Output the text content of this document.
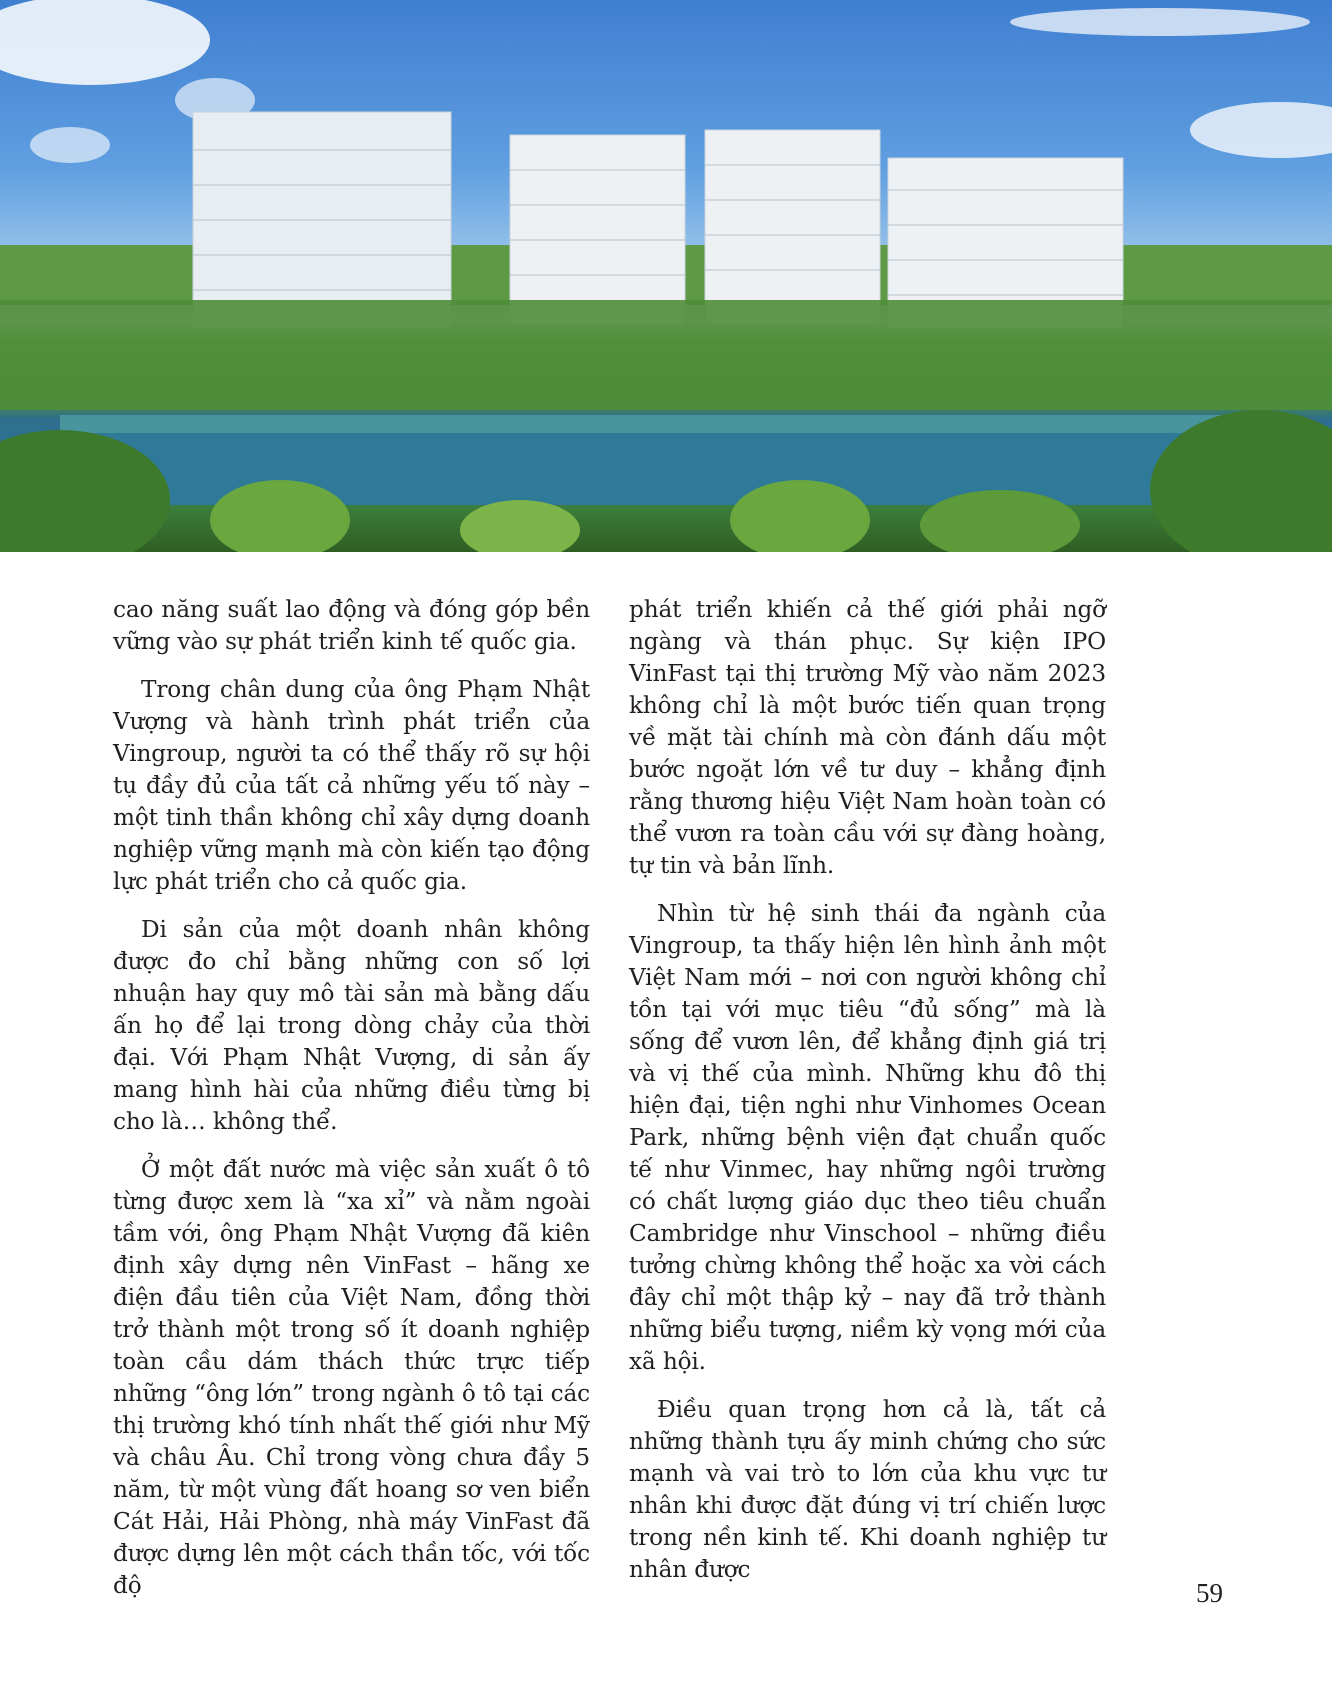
cao năng suất lao động và đóng góp bền vững vào sự phát triển kinh tế quốc gia.

Trong chân dung của ông Phạm Nhật Vượng và hành trình phát triển của Vingroup, người ta có thể thấy rõ sự hội tụ đầy đủ của tất cả những yếu tố này – một tinh thần không chỉ xây dựng doanh nghiệp vững mạnh mà còn kiến tạo động lực phát triển cho cả quốc gia.

Di sản của một doanh nhân không được đo chỉ bằng những con số lợi nhuận hay quy mô tài sản mà bằng dấu ấn họ để lại trong dòng chảy của thời đại. Với Phạm Nhật Vượng, di sản ấy mang hình hài của những điều từng bị cho là… không thể.

Ở một đất nước mà việc sản xuất ô tô từng được xem là “xa xỉ” và nằm ngoài tầm với, ông Phạm Nhật Vượng đã kiên định xây dựng nên VinFast – hãng xe điện đầu tiên của Việt Nam, đồng thời trở thành một trong số ít doanh nghiệp toàn cầu dám thách thức trực tiếp những “ông lớn” trong ngành ô tô tại các thị trường khó tính nhất thế giới như Mỹ và châu Âu. Chỉ trong vòng chưa đầy 5 năm, từ một vùng đất hoang sơ ven biển Cát Hải, Hải Phòng, nhà máy VinFast đã được dựng lên một cách thần tốc, với tốc độ

phát triển khiến cả thế giới phải ngỡ ngàng và thán phục. Sự kiện IPO VinFast tại thị trường Mỹ vào năm 2023 không chỉ là một bước tiến quan trọng về mặt tài chính mà còn đánh dấu một bước ngoặt lớn về tư duy – khẳng định rằng thương hiệu Việt Nam hoàn toàn có thể vươn ra toàn cầu với sự đàng hoàng, tự tin và bản lĩnh.

Nhìn từ hệ sinh thái đa ngành của Vingroup, ta thấy hiện lên hình ảnh một Việt Nam mới – nơi con người không chỉ tồn tại với mục tiêu “đủ sống” mà là sống để vươn lên, để khẳng định giá trị và vị thế của mình. Những khu đô thị hiện đại, tiện nghi như Vinhomes Ocean Park, những bệnh viện đạt chuẩn quốc tế như Vinmec, hay những ngôi trường có chất lượng giáo dục theo tiêu chuẩn Cambridge như Vinschool – những điều tưởng chừng không thể hoặc xa vời cách đây chỉ một thập kỷ – nay đã trở thành những biểu tượng, niềm kỳ vọng mới của xã hội.

Điều quan trọng hơn cả là, tất cả những thành tựu ấy minh chứng cho sức mạnh và vai trò to lớn của khu vực tư nhân khi được đặt đúng vị trí chiến lược trong nền kinh tế. Khi doanh nghiệp tư nhân được

59
